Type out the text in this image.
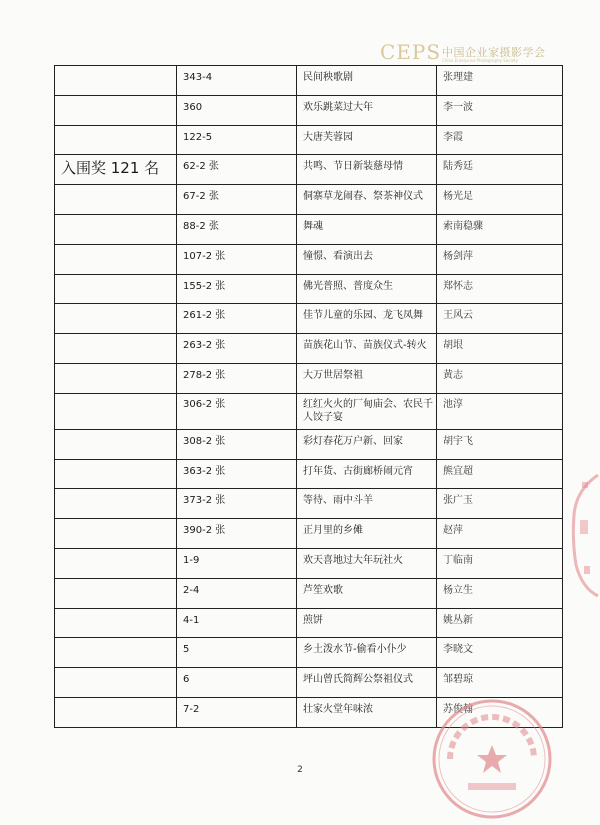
CEPS 中国企业家摄影学会
China Enterprise Photography Society

	343-4	民间秧歌剧	张理建

	360	欢乐跳菜过大年	李一波

	122-5	大唐芙蓉园	李霞

入围奖 121 名	62-2 张	共鸣、节日新装慈母情	陆秀廷

	67-2 张	侗寨草龙闹春、祭茶神仪式	杨光足

	88-2 张	舞魂	索南稳骤

	107-2 张	憧憬、看演出去	杨剑萍

	155-2 张	佛光普照、普度众生	郑怀志

	261-2 张	佳节儿童的乐园、龙飞凤舞	王风云

	263-2 张	苗族花山节、苗族仪式-转火	胡垠

	278-2 张	大万世居祭祖	黄志

	306-2 张	红红火火的厂甸庙会、农民千人饺子宴	池淳

	308-2 张	彩灯春花万户新、回家	胡宇飞

	363-2 张	打年货、古街廊桥闹元宵	熊宜超

	373-2 张	等待、雨中斗羊	张广玉

	390-2 张	正月里的乡傩	赵萍

	1-9	欢天喜地过大年玩社火	丁临南

	2-4	芦笙欢歌	杨立生

	4-1	煎饼	姚丛新

	5	乡土泼水节-偷看小仆少	李晓文

	6	坪山曾氏简辉公祭祖仪式	邹碧琼

	7-2	壮家火堂年味浓	苏俊翰
2
